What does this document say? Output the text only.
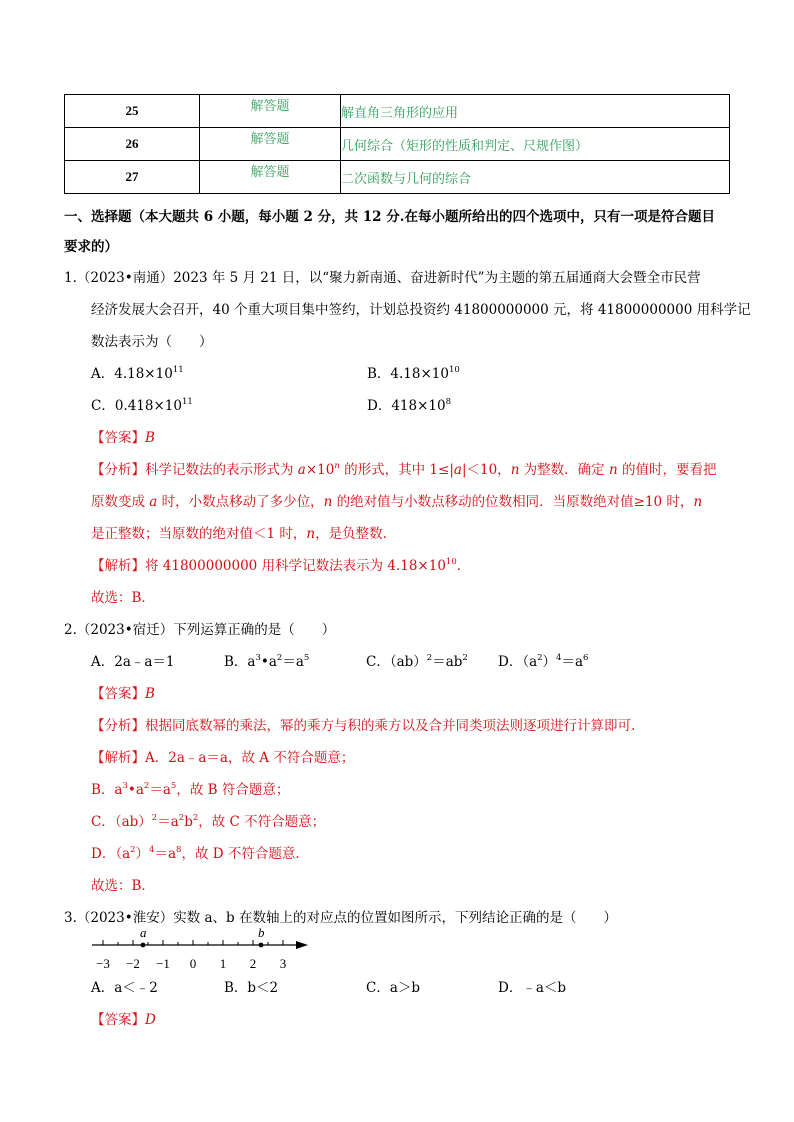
25	解答题	解直角三角形的应用
26	解答题	几何综合（矩形的性质和判定、尺规作图）
27	解答题	二次函数与几何的综合
一、选择题（本大题共 6 小题，每小题 2 分，共 12 分.在每小题所给出的四个选项中，只有一项是符合题目
要求的）
1.（2023•南通）2023 年 5 月 21 日，以“聚力新南通、奋进新时代”为主题的第五届通商大会暨全市民营
经济发展大会召开，40 个重大项目集中签约，计划总投资约 41800000000 元，将 41800000000 用科学记
数法表示为（　　）
A．$4.18\times 10^{11}$	B．$4.18\times 10^{10}$
C．$0.418\times 10^{11}$	D．$418\times 10^8$
【答案】B
【分析】科学记数法的表示形式为 $a\times 10^n$ 的形式，其中 1≤|a|＜10，n 为整数．确定 n 的值时，要看把
原数变成 a 时，小数点移动了多少位，n 的绝对值与小数点移动的位数相同．当原数绝对值≥10 时，n
是正整数；当原数的绝对值＜1 时，n，是负整数.
【解析】将 41800000000 用科学记数法表示为 $4.18\times 10^{10}$．
故选：B．
2.（2023•宿迁）下列运算正确的是（　　）
A．2a﹣a＝1	B．$a^3•a^2=a^5$	C．$(ab)^2=ab^2$ D．$(a^2)^4=a^6$
【答案】B
【分析】根据同底数幂的乘法，幂的乘方与积的乘方以及合并同类项法则逐项进行计算即可.
【解析】A．2a﹣a＝a，故 A 不符合题意；
B．$a^3•a^2=a^5$，故 B 符合题意；
C．$(ab)^2=a^2b^2$，故 C 不符合题意；
D．$(a^2)^4=a^8$，故 D 不符合题意.
故选：B．
3.（2023•淮安）实数 a、b 在数轴上的对应点的位置如图所示，下列结论正确的是（　　）
−3 −2 −1 0 1 2 3
a	b
A．a＜﹣2	B．b＜2	C．a＞b	D．﹣a＜b
【答案】D
